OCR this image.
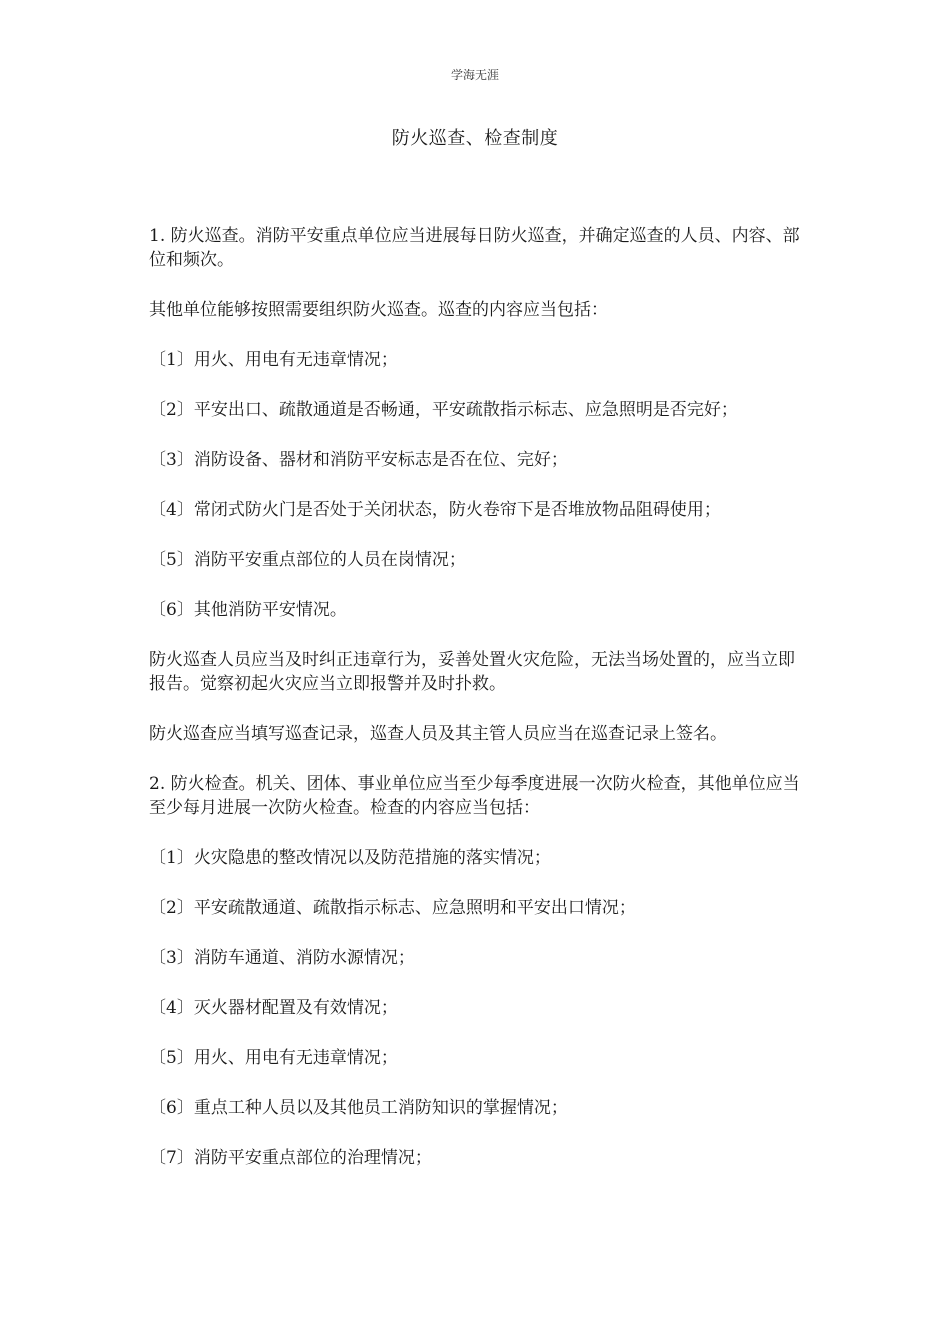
学海无涯
防火巡查、检查制度

1. 防火巡查。消防平安重点单位应当进展每日防火巡查，并确定巡查的人员、内容、部位和频次。

其他单位能够按照需要组织防火巡查。巡查的内容应当包括：

〔1〕用火、用电有无违章情况；

〔2〕平安出口、疏散通道是否畅通，平安疏散指示标志、应急照明是否完好；

〔3〕消防设备、器材和消防平安标志是否在位、完好；

〔4〕常闭式防火门是否处于关闭状态，防火卷帘下是否堆放物品阻碍使用；

〔5〕消防平安重点部位的人员在岗情况；

〔6〕其他消防平安情况。

防火巡查人员应当及时纠正违章行为，妥善处置火灾危险，无法当场处置的，应当立即报告。觉察初起火灾应当立即报警并及时扑救。

防火巡查应当填写巡查记录，巡查人员及其主管人员应当在巡查记录上签名。

2. 防火检查。机关、团体、事业单位应当至少每季度进展一次防火检查，其他单位应当至少每月进展一次防火检查。检查的内容应当包括：

〔1〕火灾隐患的整改情况以及防范措施的落实情况；

〔2〕平安疏散通道、疏散指示标志、应急照明和平安出口情况；

〔3〕消防车通道、消防水源情况；

〔4〕灭火器材配置及有效情况；

〔5〕用火、用电有无违章情况；

〔6〕重点工种人员以及其他员工消防知识的掌握情况；

〔7〕消防平安重点部位的治理情况；
